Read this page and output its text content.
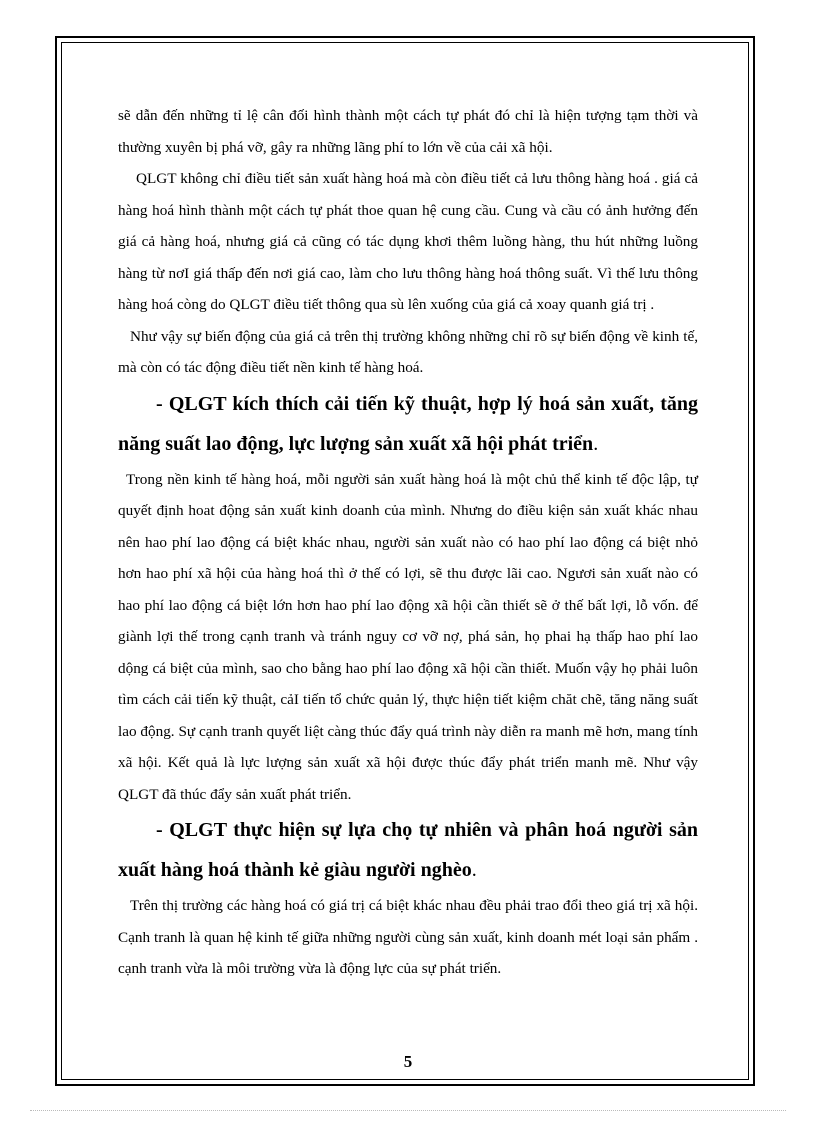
sẽ dẫn đến những tỉ lệ cân đối hình thành một cách tự phát đó chỉ là hiện tượng tạm thời và thường xuyên bị phá vỡ, gây ra những lãng phí to lớn về của cải xã hội.

QLGT không chỉ điều tiết sản xuất hàng hoá mà còn điều tiết cả lưu thông hàng hoá . giá cả hàng hoá hình thành một cách tự phát thoe quan hệ cung cầu. Cung và cầu có ảnh hưởng đến giá cả hàng hoá, nhưng giá cả cũng có tác dụng khơi thêm luồng hàng, thu hút những luồng hàng từ nơI giá thấp đến nơi giá cao, làm cho lưu thông hàng hoá thông suất. Vì thế lưu thông hàng hoá còng do QLGT điều tiết thông qua sù lên xuống của giá cả xoay quanh giá trị .

Như vậy sự biến động của giá cả trên thị trường không những chỉ rõ sự biến động về kinh tế, mà còn có tác động điều tiết nền kinh tế hàng hoá.

- QLGT kích thích cải tiến kỹ thuật, hợp lý hoá sản xuất, tăng năng suất lao động, lực lượng sản xuất xã hội phát triển.

Trong nền kinh tế hàng hoá, mỗi người sản xuất hàng hoá là một chủ thể kinh tế độc lập, tự quyết định hoat động sản xuất kinh doanh của mình. Nhưng do điều kiện sản xuất khác nhau nên hao phí lao động cá biệt khác nhau, người sản xuất nào có hao phí lao động cá biệt nhỏ hơn hao phí xã hội của hàng hoá thì ở thế có lợi, sẽ thu được lãi cao. Ngươi sản xuất nào có hao phí lao động cá biệt lớn hơn hao phí lao động xã hội cần thiết sẽ ở thế bất lợi, lỗ vốn. để giành lợi thế trong cạnh tranh và tránh nguy cơ vỡ nợ, phá sản, họ phai hạ thấp hao phí lao dộng cá biệt của mình, sao cho bằng hao phí lao động xã hội cần thiết. Muốn vậy họ phải luôn tìm cách cải tiến kỹ thuật, cảI tiến tổ chức quản lý, thực hiện tiết kiệm chăt chẽ, tăng năng suất lao động. Sự cạnh tranh quyết liệt càng thúc đẩy quá trình này diễn ra manh mẽ hơn, mang tính xã hội. Kết quả là lực lượng sản xuất xã hội được thúc đẩy phát triển manh mẽ. Như vậy QLGT đã thúc đẩy sản xuất phát triển.

- QLGT thực hiện sự lựa chọ tự nhiên và phân hoá người sản xuất hàng hoá thành kẻ giàu người nghèo.

Trên thị trường các hàng hoá có giá trị cá biệt khác nhau đều phải trao đổi theo giá trị xã hội. Cạnh tranh là quan hệ kinh tế giữa những người cùng sản xuất, kinh doanh mét loại sản phẩm . cạnh tranh vừa là môi trường vừa là động lực của sự phát triển.

5
